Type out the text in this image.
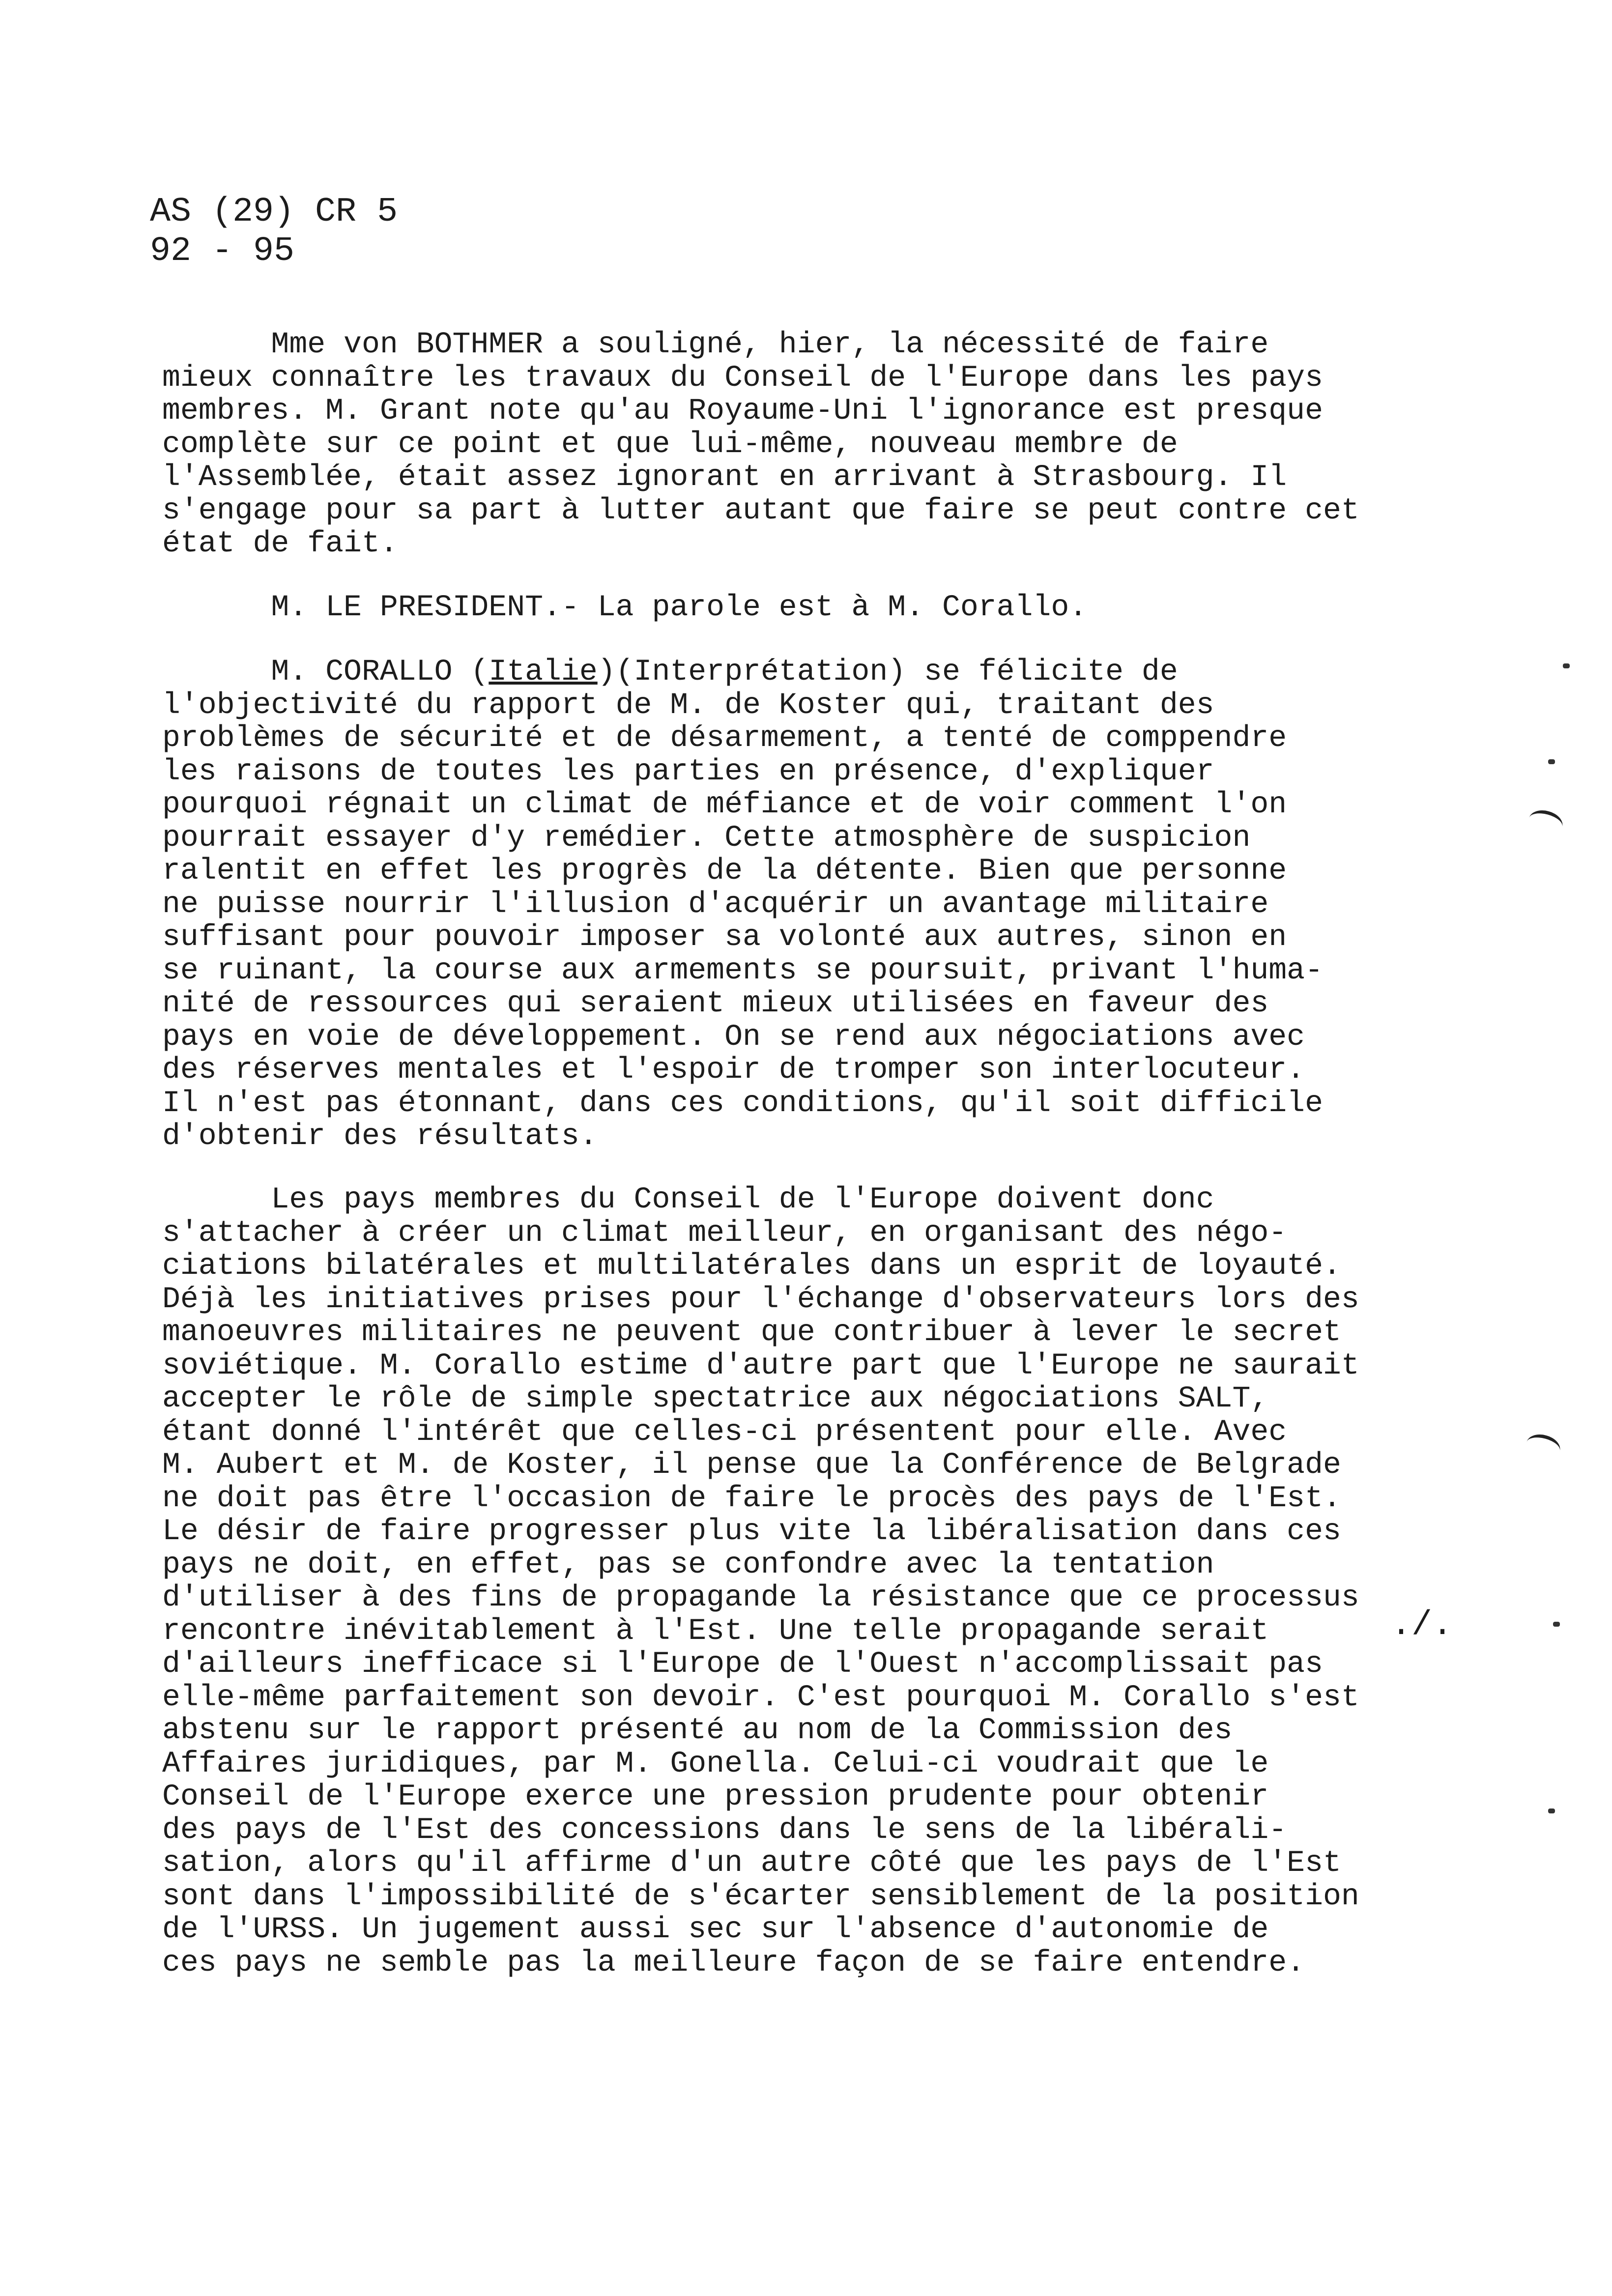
AS (29) CR 5
92 - 95
Mme von BOTHMER a souligné, hier, la nécessité de faire
mieux connaître les travaux du Conseil de l'Europe dans les pays
membres. M. Grant note qu'au Royaume-Uni l'ignorance est presque
complète sur ce point et que lui-même, nouveau membre de
l'Assemblée, était assez ignorant en arrivant à Strasbourg. Il
s'engage pour sa part à lutter autant que faire se peut contre cet
état de fait.
M. LE PRESIDENT.- La parole est à M. Corallo.
M. CORALLO (Italie)(Interprétation) se félicite de
l'objectivité du rapport de M. de Koster qui, traitant des
problèmes de sécurité et de désarmement, a tenté de comppendre
les raisons de toutes les parties en présence, d'expliquer
pourquoi régnait un climat de méfiance et de voir comment l'on
pourrait essayer d'y remédier. Cette atmosphère de suspicion
ralentit en effet les progrès de la détente. Bien que personne
ne puisse nourrir l'illusion d'acquérir un avantage militaire
suffisant pour pouvoir imposer sa volonté aux autres, sinon en
se ruinant, la course aux armements se poursuit, privant l'huma-
nité de ressources qui seraient mieux utilisées en faveur des
pays en voie de développement. On se rend aux négociations avec
des réserves mentales et l'espoir de tromper son interlocuteur.
Il n'est pas étonnant, dans ces conditions, qu'il soit difficile
d'obtenir des résultats.
Les pays membres du Conseil de l'Europe doivent donc
s'attacher à créer un climat meilleur, en organisant des négo-
ciations bilatérales et multilatérales dans un esprit de loyauté.
Déjà les initiatives prises pour l'échange d'observateurs lors des
manoeuvres militaires ne peuvent que contribuer à lever le secret
soviétique. M. Corallo estime d'autre part que l'Europe ne saurait
accepter le rôle de simple spectatrice aux négociations SALT,
étant donné l'intérêt que celles-ci présentent pour elle. Avec
M. Aubert et M. de Koster, il pense que la Conférence de Belgrade
ne doit pas être l'occasion de faire le procès des pays de l'Est.
Le désir de faire progresser plus vite la libéralisation dans ces
pays ne doit, en effet, pas se confondre avec la tentation
d'utiliser à des fins de propagande la résistance que ce processus
rencontre inévitablement à l'Est. Une telle propagande serait
d'ailleurs inefficace si l'Europe de l'Ouest n'accomplissait pas
elle-même parfaitement son devoir. C'est pourquoi M. Corallo s'est
abstenu sur le rapport présenté au nom de la Commission des
Affaires juridiques, par M. Gonella. Celui-ci voudrait que le
Conseil de l'Europe exerce une pression prudente pour obtenir
des pays de l'Est des concessions dans le sens de la libérali-
sation, alors qu'il affirme d'un autre côté que les pays de l'Est
sont dans l'impossibilité de s'écarter sensiblement de la position
de l'URSS. Un jugement aussi sec sur l'absence d'autonomie de
ces pays ne semble pas la meilleure façon de se faire entendre.
./.
